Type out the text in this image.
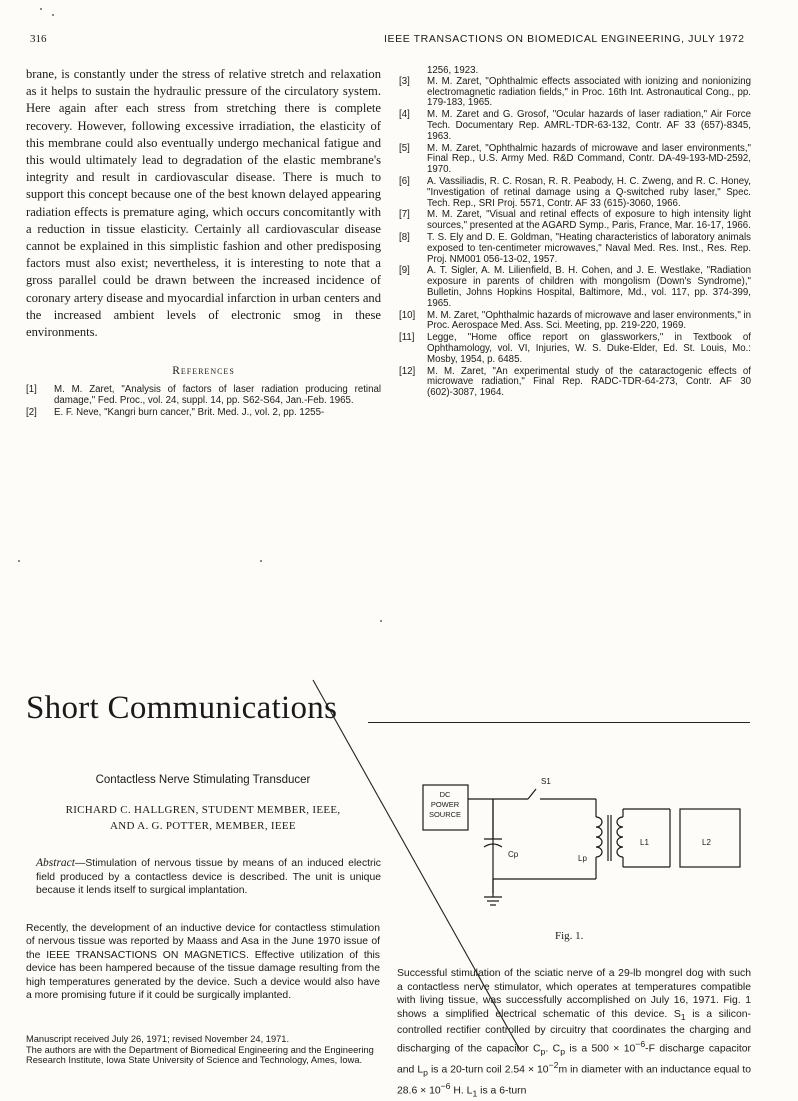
316	IEEE TRANSACTIONS ON BIOMEDICAL ENGINEERING, JULY 1972

brane, is constantly under the stress of relative stretch and relaxation as it helps to sustain the hydraulic pressure of the circulatory system. Here again after each stress from stretching there is complete recovery. However, following excessive irradiation, the elasticity of this membrane could also eventually undergo mechanical fatigue and this would ultimately lead to degradation of the elastic membrane's integrity and result in cardiovascular disease. There is much to support this concept because one of the best known delayed appearing radiation effects is premature aging, which occurs concomitantly with a reduction in tissue elasticity. Certainly all cardiovascular disease cannot be explained in this simplistic fashion and other predisposing factors must also exist; nevertheless, it is interesting to note that a gross parallel could be drawn between the increased incidence of coronary artery disease and myocardial infarction in urban centers and the increased ambient levels of electronic smog in these environments.

References
[1]	M. M. Zaret, "Analysis of factors of laser radiation producing retinal damage," Fed. Proc., vol. 24, suppl. 14, pp. S62-S64, Jan.-Feb. 1965.
[2]	E. F. Neve, "Kangri burn cancer," Brit. Med. J., vol. 2, pp. 1255-
1256, 1923.
[3]	M. M. Zaret, "Ophthalmic effects associated with ionizing and nonionizing electromagnetic radiation fields," in Proc. 16th Int. Astronautical Cong., pp. 179-183, 1965.
[4]	M. M. Zaret and G. Grosof, "Ocular hazards of laser radiation," Air Force Tech. Documentary Rep. AMRL-TDR-63-132, Contr. AF 33 (657)-8345, 1963.
[5]	M. M. Zaret, "Ophthalmic hazards of microwave and laser environments," Final Rep., U.S. Army Med. R&D Command, Contr. DA-49-193-MD-2592, 1970.
[6]	A. Vassiliadis, R. C. Rosan, R. R. Peabody, H. C. Zweng, and R. C. Honey, "Investigation of retinal damage using a Q-switched ruby laser," Spec. Tech. Rep., SRI Proj. 5571, Contr. AF 33 (615)-3060, 1966.
[7]	M. M. Zaret, "Visual and retinal effects of exposure to high intensity light sources," presented at the AGARD Symp., Paris, France, Mar. 16-17, 1966.
[8]	T. S. Ely and D. E. Goldman, "Heating characteristics of laboratory animals exposed to ten-centimeter microwaves," Naval Med. Res. Inst., Res. Rep. Proj. NM001 056-13-02, 1957.
[9]	A. T. Sigler, A. M. Lilienfield, B. H. Cohen, and J. E. Westlake, "Radiation exposure in parents of children with mongolism (Down's Syndrome)," Bulletin, Johns Hopkins Hospital, Baltimore, Md., vol. 117, pp. 374-399, 1965.
[10]	M. M. Zaret, "Ophthalmic hazards of microwave and laser environments," in Proc. Aerospace Med. Ass. Sci. Meeting, pp. 219-220, 1969.
[11]	Legge, "Home office report on glassworkers," in Textbook of Ophthamology, vol. VI, Injuries, W. S. Duke-Elder, Ed. St. Louis, Mo.: Mosby, 1954, p. 6485.
[12]	M. M. Zaret, "An experimental study of the cataractogenic effects of microwave radiation," Final Rep. RADC-TDR-64-273, Contr. AF 30 (602)-3087, 1964.
Short Communications
Contactless Nerve Stimulating Transducer
RICHARD C. HALLGREN, STUDENT MEMBER, IEEE,
AND A. G. POTTER, MEMBER, IEEE
Abstract—Stimulation of nervous tissue by means of an induced electric field produced by a contactless device is described. The unit is unique because it lends itself to surgical implantation.
Recently, the development of an inductive device for contactless stimulation of nervous tissue was reported by Maass and Asa in the June 1970 issue of the IEEE TRANSACTIONS ON MAGNETICS. Effective utilization of this device has been hampered because of the tissue damage resulting from the high temperatures generated by the device. Such a device would also have a more promising future if it could be surgically implanted.
Manuscript received July 26, 1971; revised November 24, 1971.
The authors are with the Department of Biomedical Engineering and the Engineering Research Institute, Iowa State University of Science and Technology, Ames, Iowa.
DC
POWER
SOURCE
S1
Cp	Lp
L1	L2
Fig. 1.

Successful stimulation of the sciatic nerve of a 29-lb mongrel dog with such a contactless nerve stimulator, which operates at temperatures compatible with living tissue, was successfully accomplished on July 16, 1971. Fig. 1 shows a simplified electrical schematic of this device. $S_1$ is a silicon-controlled rectifier controlled by circuitry that coordinates the charging and discharging of the capacitor $C_p$. $C_p$ is a $500 \times 10^{-6}-F$ discharge capacitor and $L_p$ is a 20-turn coil $2.54 \times 10^{-2}m$ in diameter with an inductance equal to $28.6 \times 10^{-6}$ H. $L_1$ is a 6-turn
